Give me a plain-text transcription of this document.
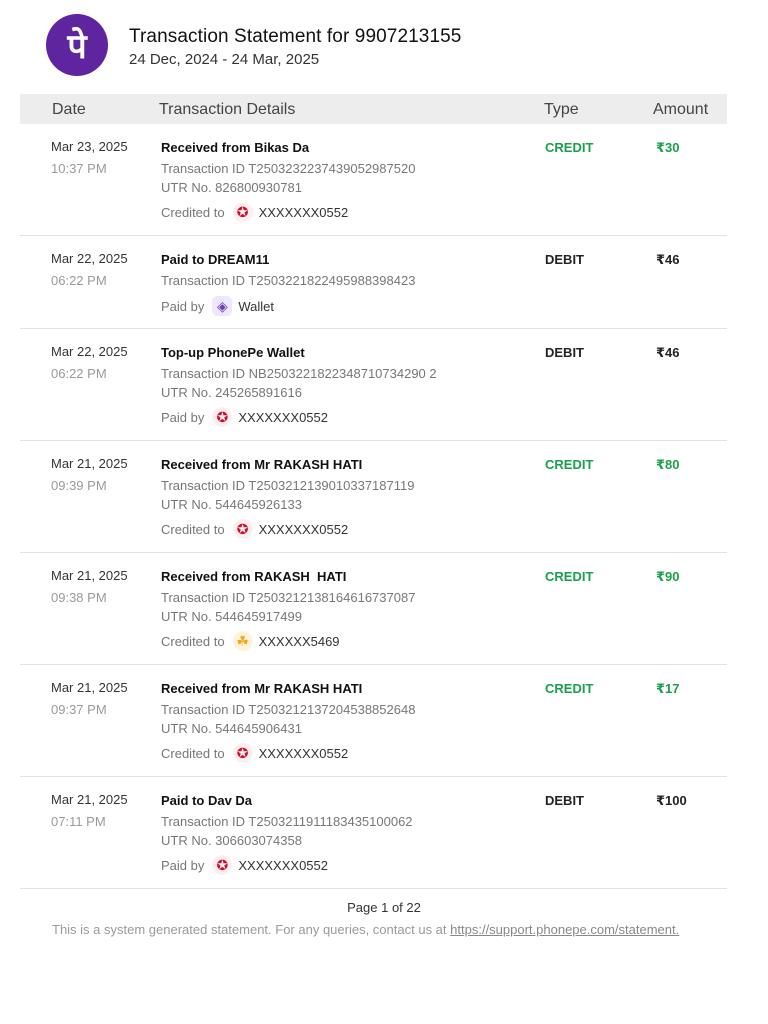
पे	Transaction Statement for 9907213155
24 Dec, 2024 - 24 Mar, 2025
Date	Transaction Details	Type	Amount
Mar 23, 2025
10:37 PM
Received from Bikas Da
Transaction ID T2503232237439052987520
UTR No. 826800930781
Credited to ✪ XXXXXXX0552
CREDIT	₹30
Mar 22, 2025
06:22 PM
Paid to DREAM11
Transaction ID T2503221822495988398423
Paid by ◈ Wallet
DEBIT	₹46
Mar 22, 2025
06:22 PM
Top-up PhonePe Wallet
Transaction ID NB2503221822348710734290 2
UTR No. 245265891616
Paid by ✪ XXXXXXX0552
DEBIT	₹46
Mar 21, 2025
09:39 PM
Received from Mr RAKASH HATI
Transaction ID T2503212139010337187119
UTR No. 544645926133
Credited to ✪ XXXXXXX0552
CREDIT	₹80
Mar 21, 2025
09:38 PM
Received from RAKASH  HATI
Transaction ID T2503212138164616737087
UTR No. 544645917499
Credited to ☘ XXXXXX5469
CREDIT	₹90
Mar 21, 2025
09:37 PM
Received from Mr RAKASH HATI
Transaction ID T2503212137204538852648
UTR No. 544645906431
Credited to ✪ XXXXXXX0552
CREDIT	₹17
Mar 21, 2025
07:11 PM
Paid to Dav Da
Transaction ID T2503211911183435100062
UTR No. 306603074358
Paid by ✪ XXXXXXX0552
DEBIT	₹100
Page 1 of 22
This is a system generated statement. For any queries, contact us at https://support.phonepe.com/statement.
